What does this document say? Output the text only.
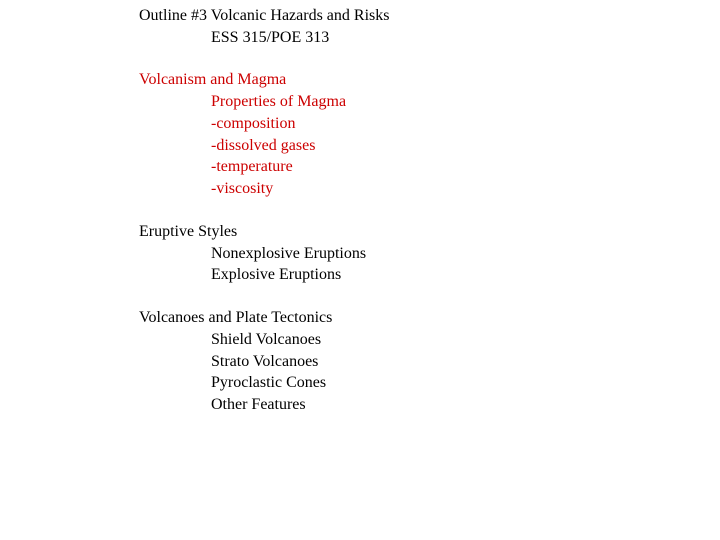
Outline #3 Volcanic Hazards and Risks
ESS 315/POE 313
Volcanism and Magma
Properties of Magma
-composition
-dissolved gases
-temperature
-viscosity
Eruptive Styles
Nonexplosive Eruptions
Explosive Eruptions
Volcanoes and Plate Tectonics
Shield Volcanoes
Strato Volcanoes
Pyroclastic Cones
Other Features
